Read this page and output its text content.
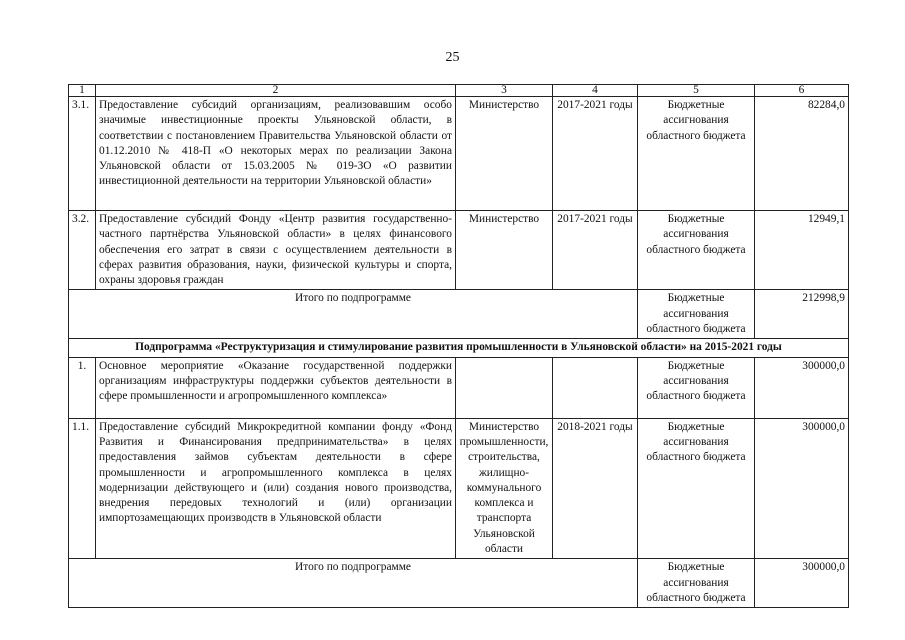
25
1	2	3	4	5	6
3.1.	Предоставление субсидий организациям, реализовавшим особо значимые инвестиционные проекты Ульяновской области, в соответствии с постановлением Правительства Ульяновской области от 01.12.2010 № 418-П «О некоторых мерах по реализации Закона Ульяновской области от 15.03.2005 № 019-ЗО «О развитии инвестиционной деятельности на территории Ульяновской области»	Министерство	2017-2021 годы	Бюджетные ассигнования областного бюджета	82284,0
3.2.	Предоставление субсидий Фонду «Центр развития государственно-частного партнёрства Ульяновской области» в целях финансового обеспечения его затрат в связи с осуществлением деятельности в сферах развития образования, науки, физической культуры и спорта, охраны здоровья граждан	Министерство	2017-2021 годы	Бюджетные ассигнования областного бюджета	12949,1
Итого по подпрограмме				Бюджетные ассигнования областного бюджета	212998,9
Подпрограмма «Реструктуризация и стимулирование развития промышленности в Ульяновской области» на 2015-2021 годы					
1.	Основное мероприятие «Оказание государственной поддержки организациям инфраструктуры поддержки субъектов деятельности в сфере промышленности и агропромышленного комплекса»			Бюджетные ассигнования областного бюджета	300000,0
1.1.	Предоставление субсидий Микрокредитной компании фонду «Фонд Развития и Финансирования предпринимательства» в целях предоставления займов субъектам деятельности в сфере промышленности и агропромышленного комплекса в целях модернизации действующего и (или) создания нового производства, внедрения передовых технологий и (или) организации импортозамещающих производств в Ульяновской области	Министерство промышленности, строительства, жилищно-коммунального комплекса и транспорта Ульяновской области	2018-2021 годы	Бюджетные ассигнования областного бюджета	300000,0
Итого по подпрограмме				Бюджетные ассигнования областного бюджета	300000,0
